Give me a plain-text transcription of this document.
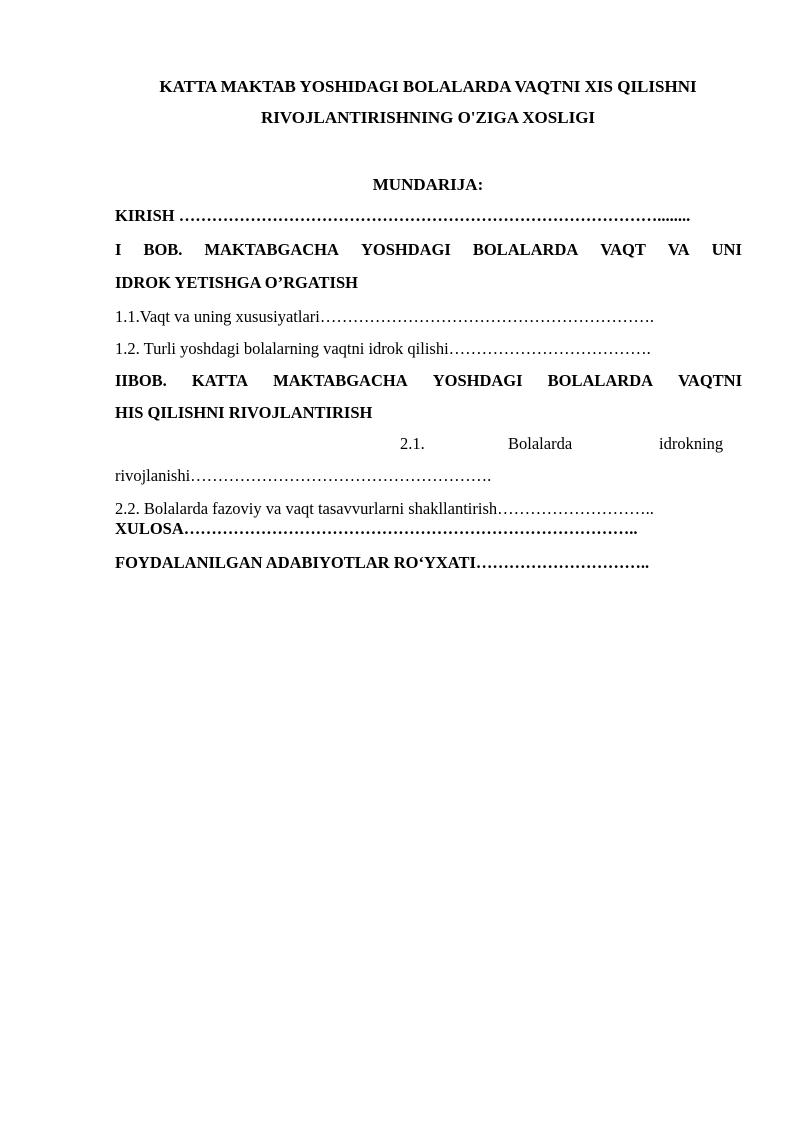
KATTA MAKTAB YOSHIDAGI BOLALARDA VAQTNI XIS QILISHNI
RIVOJLANTIRISHNING O'ZIGA XOSLIGI
MUNDARIJA:
KIRISH ……………………………………………………………………………........
I BOB. MAKTABGACHA YOSHDAGI BOLALARDA VAQT VA UNI
IDROK YETISHGA O’RGATISH
1.1.Vaqt va uning xususiyatlari…………………………………………………….
1.2. Turli yoshdagi bolalarning vaqtni idrok qilishi……………………………….
IIBOB. KATTA MAKTABGACHA YOSHDAGI BOLALARDA VAQTNI
HIS QILISHNI RIVOJLANTIRISH
2.1.	Bolalarda	idrokning
rivojlanishi……………………………………………….
2.2. Bolalarda fazoviy va vaqt tasavvurlarni shakllantirish………………………..
XULOSA………………………………………………………………………..
FOYDALANILGAN ADABIYOTLAR RO‘YXATI…………………………..
